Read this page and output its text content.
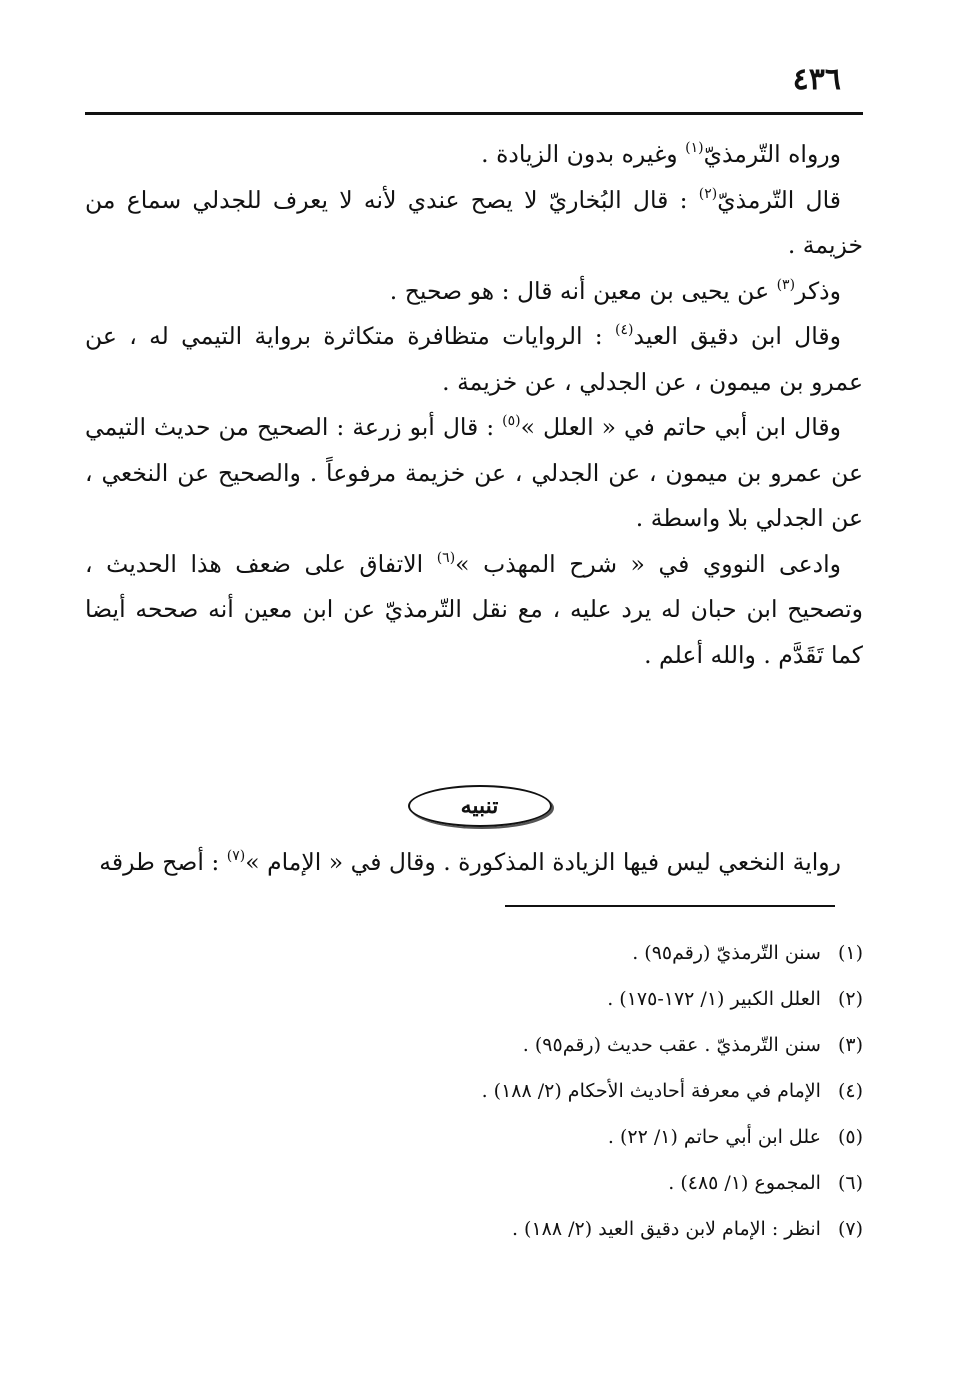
٤٣٦

ورواه التّرمذيّ$^{(١)}$ وغيره بدون الزيادة .

قال التّرمذيّ$^{(٢)}$ : قال البُخاريّ لا يصح عندي لأنه لا يعرف للجدلي سماع من خزيمة .

وذكر$^{(٣)}$ عن يحيى بن معين أنه قال : هو صحيح .

وقال ابن دقيق العيد$^{(٤)}$ : الروايات متظافرة متكاثرة برواية التيمي له ، عن عمرو بن ميمون ، عن الجدلي ، عن خزيمة .

وقال ابن أبي حاتم في « العلل »$^{(٥)}$ : قال أبو زرعة : الصحيح من حديث التيمي عن عمرو بن ميمون ، عن الجدلي ، عن خزيمة مرفوعاً . والصحيح عن النخعي ، عن الجدلي بلا واسطة .

وادعى النووي في « شرح المهذب »$^{(٦)}$ الاتفاق على ضعف هذا الحديث ، وتصحيح ابن حبان له يرد عليه ، مع نقل التّرمذيّ عن ابن معين أنه صححه أيضا كما تَقَدَّم . والله أعلم .

تنبيه

رواية النخعي ليس فيها الزيادة المذكورة . وقال في « الإمام »$^{(٧)}$ : أصح طرقه

(١) سنن التّرمذيّ (رقم٩٥) .
(٢) العلل الكبير (١/ ١٧٢-١٧٥) .
(٣) سنن التّرمذيّ . عقب حديث (رقم٩٥) .
(٤) الإمام في معرفة أحاديث الأحكام (٢/ ١٨٨) .
(٥) علل ابن أبي حاتم (١/ ٢٢) .
(٦) المجموع (١/ ٤٨٥) .
(٧) انظر : الإمام لابن دقيق العيد (٢/ ١٨٨) .
